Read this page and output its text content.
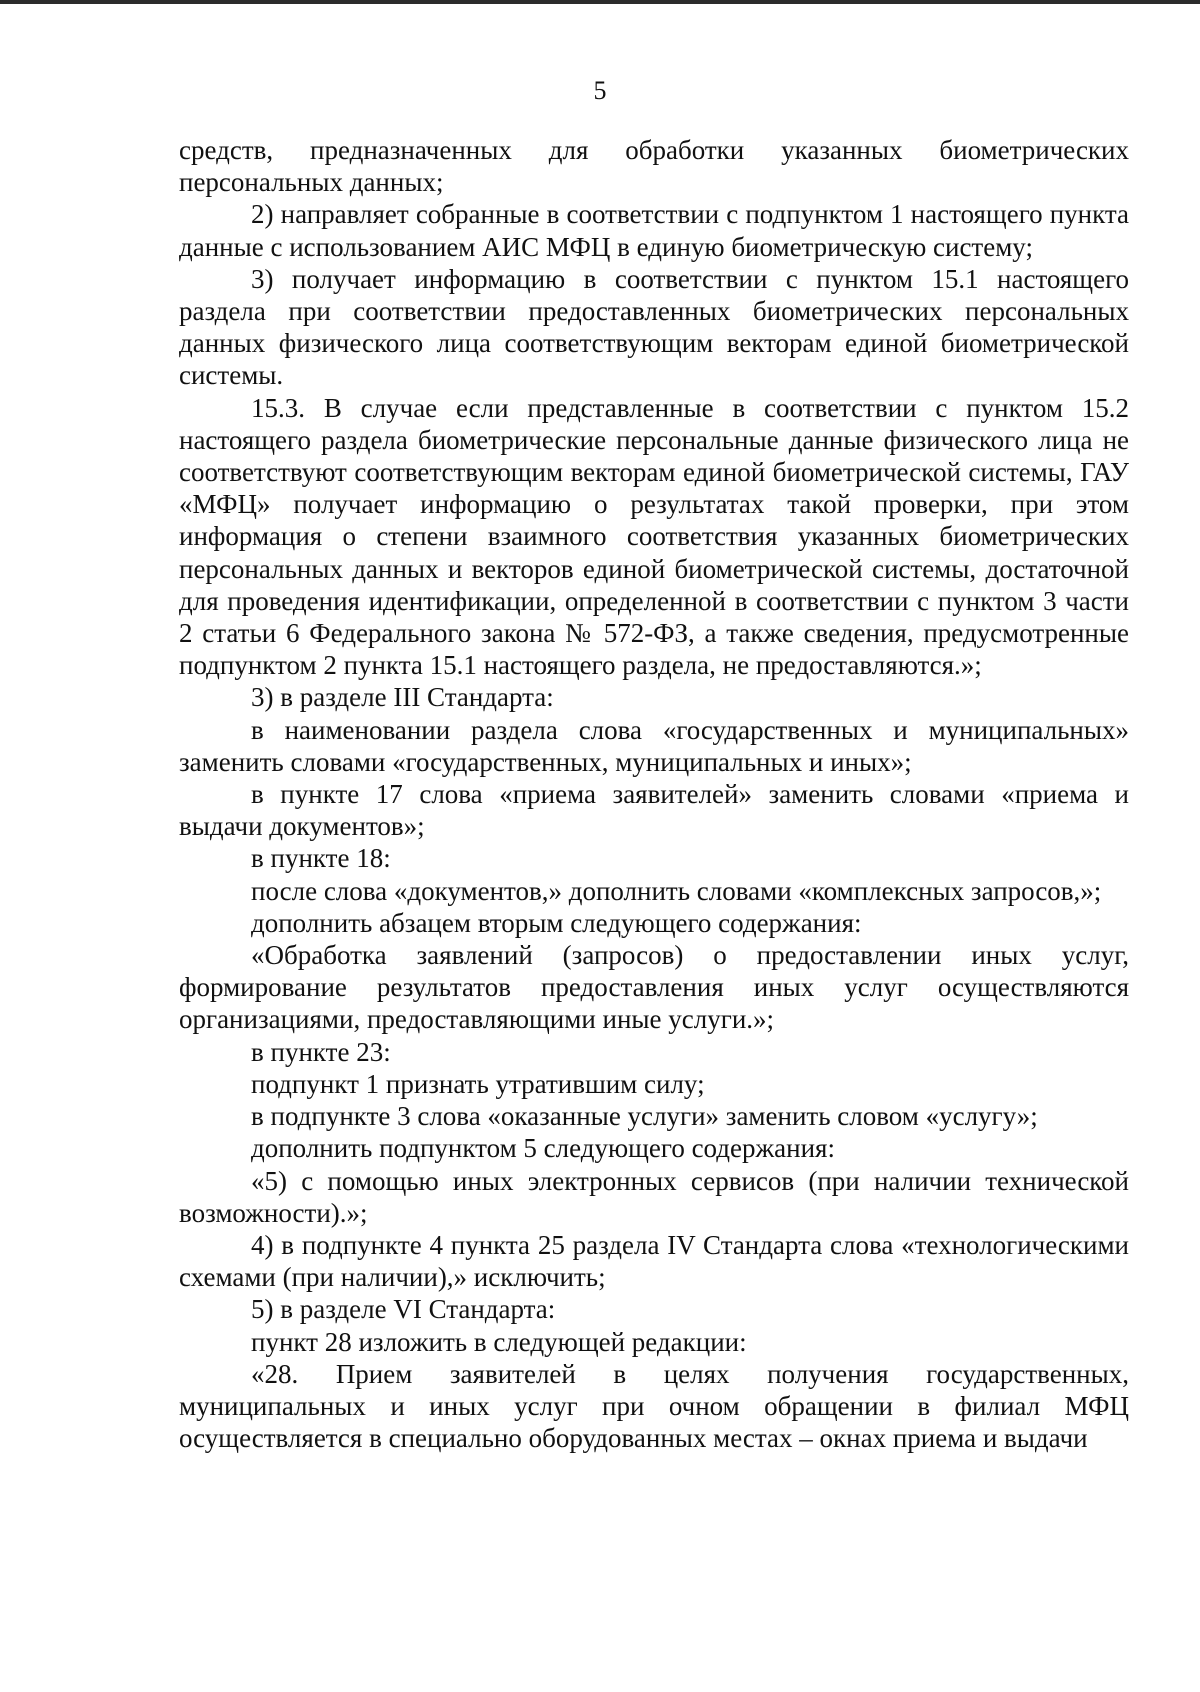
5

средств, предназначенных для обработки указанных биометрических персональных данных;

2) направляет собранные в соответствии с подпунктом 1 настоящего пункта данные с использованием АИС МФЦ в единую биометрическую систему;

3) получает информацию в соответствии с пунктом 15.1 настоящего раздела при соответствии предоставленных биометрических персональных данных физического лица соответствующим векторам единой биометрической системы.

15.3. В случае если представленные в соответствии с пунктом 15.2 настоящего раздела биометрические персональные данные физического лица не соответствуют соответствующим векторам единой биометрической системы, ГАУ «МФЦ» получает информацию о результатах такой проверки, при этом информация о степени взаимного соответствия указанных биометрических персональных данных и векторов единой биометрической системы, достаточной для проведения идентификации, определенной в соответствии с пунктом 3 части 2 статьи 6 Федерального закона № 572-ФЗ, а также сведения, предусмотренные подпунктом 2 пункта 15.1 настоящего раздела, не предоставляются.»;

3) в разделе III Стандарта:

в наименовании раздела слова «государственных и муниципальных» заменить словами «государственных, муниципальных и иных»;

в пункте 17 слова «приема заявителей» заменить словами «приема и выдачи документов»;

в пункте 18:

после слова «документов,» дополнить словами «комплексных запросов,»;

дополнить абзацем вторым следующего содержания:

«Обработка заявлений (запросов) о предоставлении иных услуг, формирование результатов предоставления иных услуг осуществляются организациями, предоставляющими иные услуги.»;

в пункте 23:

подпункт 1 признать утратившим силу;

в подпункте 3 слова «оказанные услуги» заменить словом «услугу»;

дополнить подпунктом 5 следующего содержания:

«5) с помощью иных электронных сервисов (при наличии технической возможности).»;

4) в подпункте 4 пункта 25 раздела IV Стандарта слова «технологическими схемами (при наличии),» исключить;

5) в разделе VI Стандарта:

пункт 28 изложить в следующей редакции:

«28. Прием заявителей в целях получения государственных, муниципальных и иных услуг при очном обращении в филиал МФЦ осуществляется в специально оборудованных местах – окнах приема и выдачи
